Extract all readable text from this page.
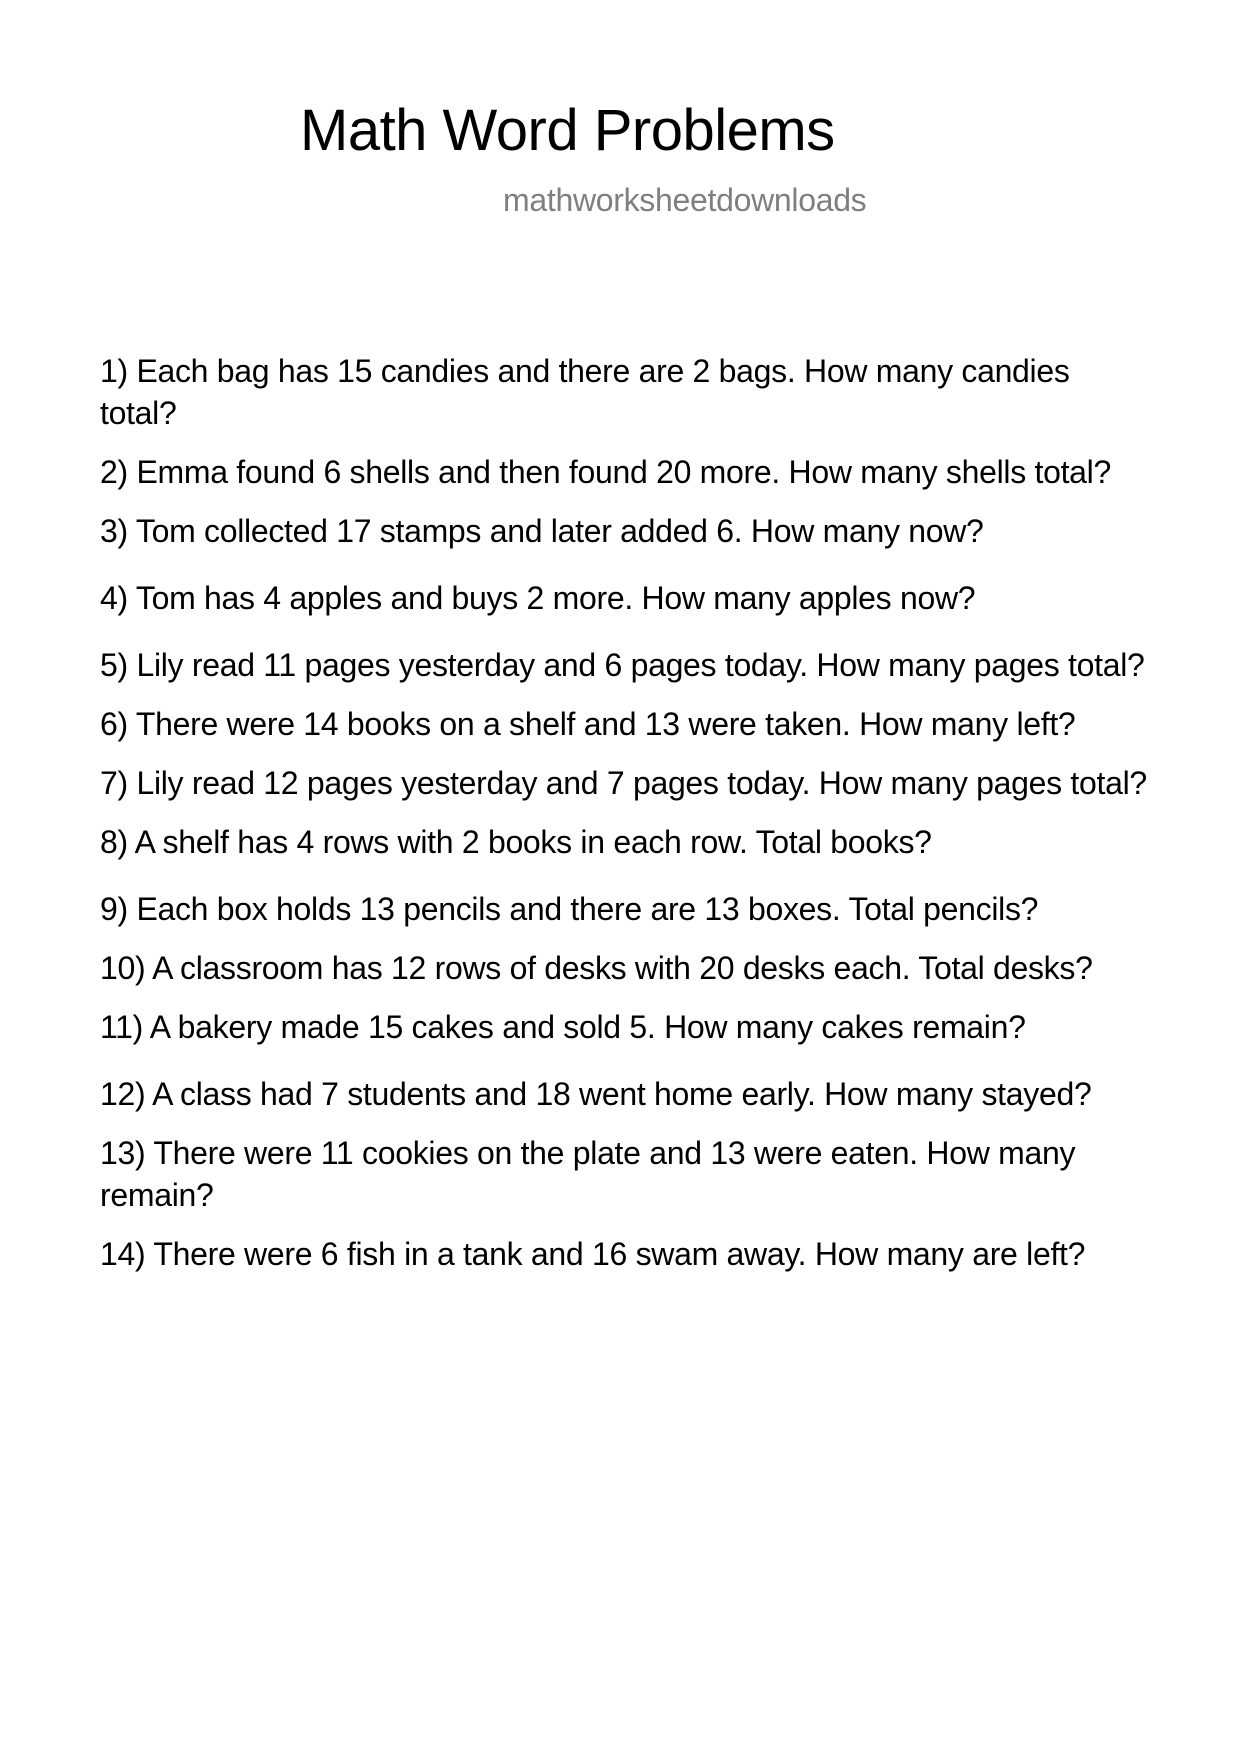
Math Word Problems
mathworksheetdownloads
1) Each bag has 15 candies and there are 2 bags. How many candies total?
2) Emma found 6 shells and then found 20 more. How many shells total?
3) Tom collected 17 stamps and later added 6. How many now?
4) Tom has 4 apples and buys 2 more. How many apples now?
5) Lily read 11 pages yesterday and 6 pages today. How many pages total?
6) There were 14 books on a shelf and 13 were taken. How many left?
7) Lily read 12 pages yesterday and 7 pages today. How many pages total?
8) A shelf has 4 rows with 2 books in each row. Total books?
9) Each box holds 13 pencils and there are 13 boxes. Total pencils?
10) A classroom has 12 rows of desks with 20 desks each. Total desks?
11) A bakery made 15 cakes and sold 5. How many cakes remain?
12) A class had 7 students and 18 went home early. How many stayed?
13) There were 11 cookies on the plate and 13 were eaten. How many remain?
14) There were 6 fish in a tank and 16 swam away. How many are left?
